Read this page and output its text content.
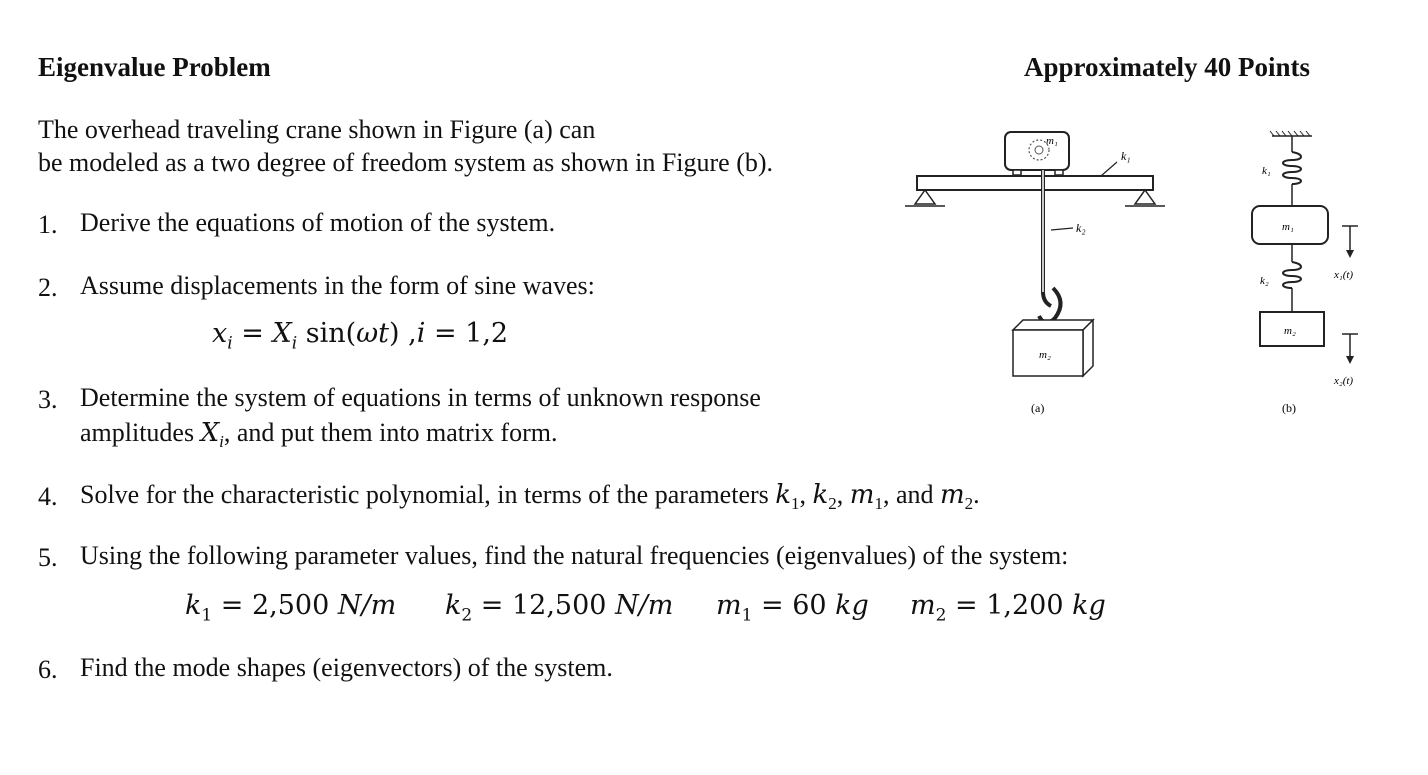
Eigenvalue Problem	Approximately 40 Points
The overhead traveling crane shown in Figure (a) can
be modeled as a two degree of freedom system as shown in Figure (b).
1. Derive the equations of motion of the system.
2. Assume displacements in the form of sine waves:
$x_i = X_i$ sin(ωt) ,i = 1,2
3. Determine the system of equations in terms of unknown response
amplitudes $X_i$, and put them into matrix form.
4. Solve for the characteristic polynomial, in terms of the parameters $k_1$, $k_2$, $m_1$, and $m_2$.
5. Using the following parameter values, find the natural frequencies (eigenvalues) of the system:
$k_1 = 2,500$ N/m $k_2 = 12,500$ N/m $m_1 = 60$ kg $m_2 = 1,200$ kg
6. Find the mode shapes (eigenvectors) of the system.
m₁
k₁
k₂
m₂
(a)
k₁
m₁
k₂
m₂
x₁(t)
x₂(t)
(b)
